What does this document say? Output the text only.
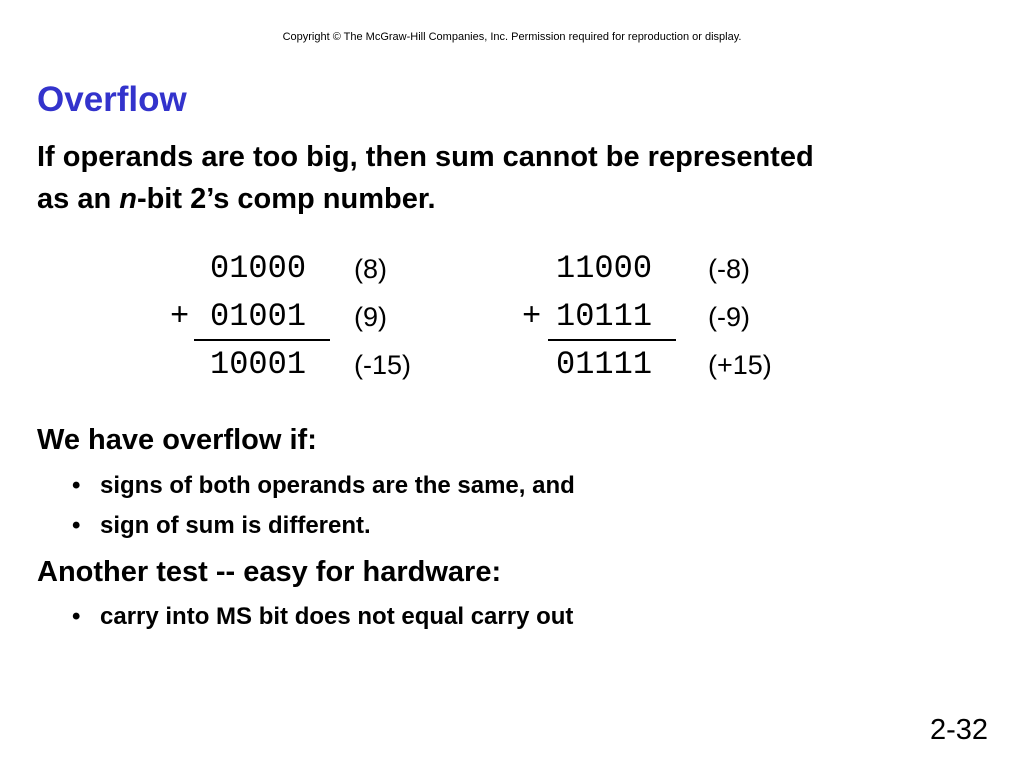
Copyright © The McGraw-Hill Companies, Inc. Permission required for reproduction or display.
Overflow
If operands are too big, then sum cannot be represented
as an n-bit 2’s comp number.
01000 (8)
+ 01001 (9)
10001 (-15)
11000 (-8)
+ 10111 (-9)
01111 (+15)
We have overflow if:
• signs of both operands are the same, and
• sign of sum is different.
Another test -- easy for hardware:
• carry into MS bit does not equal carry out
2-32
